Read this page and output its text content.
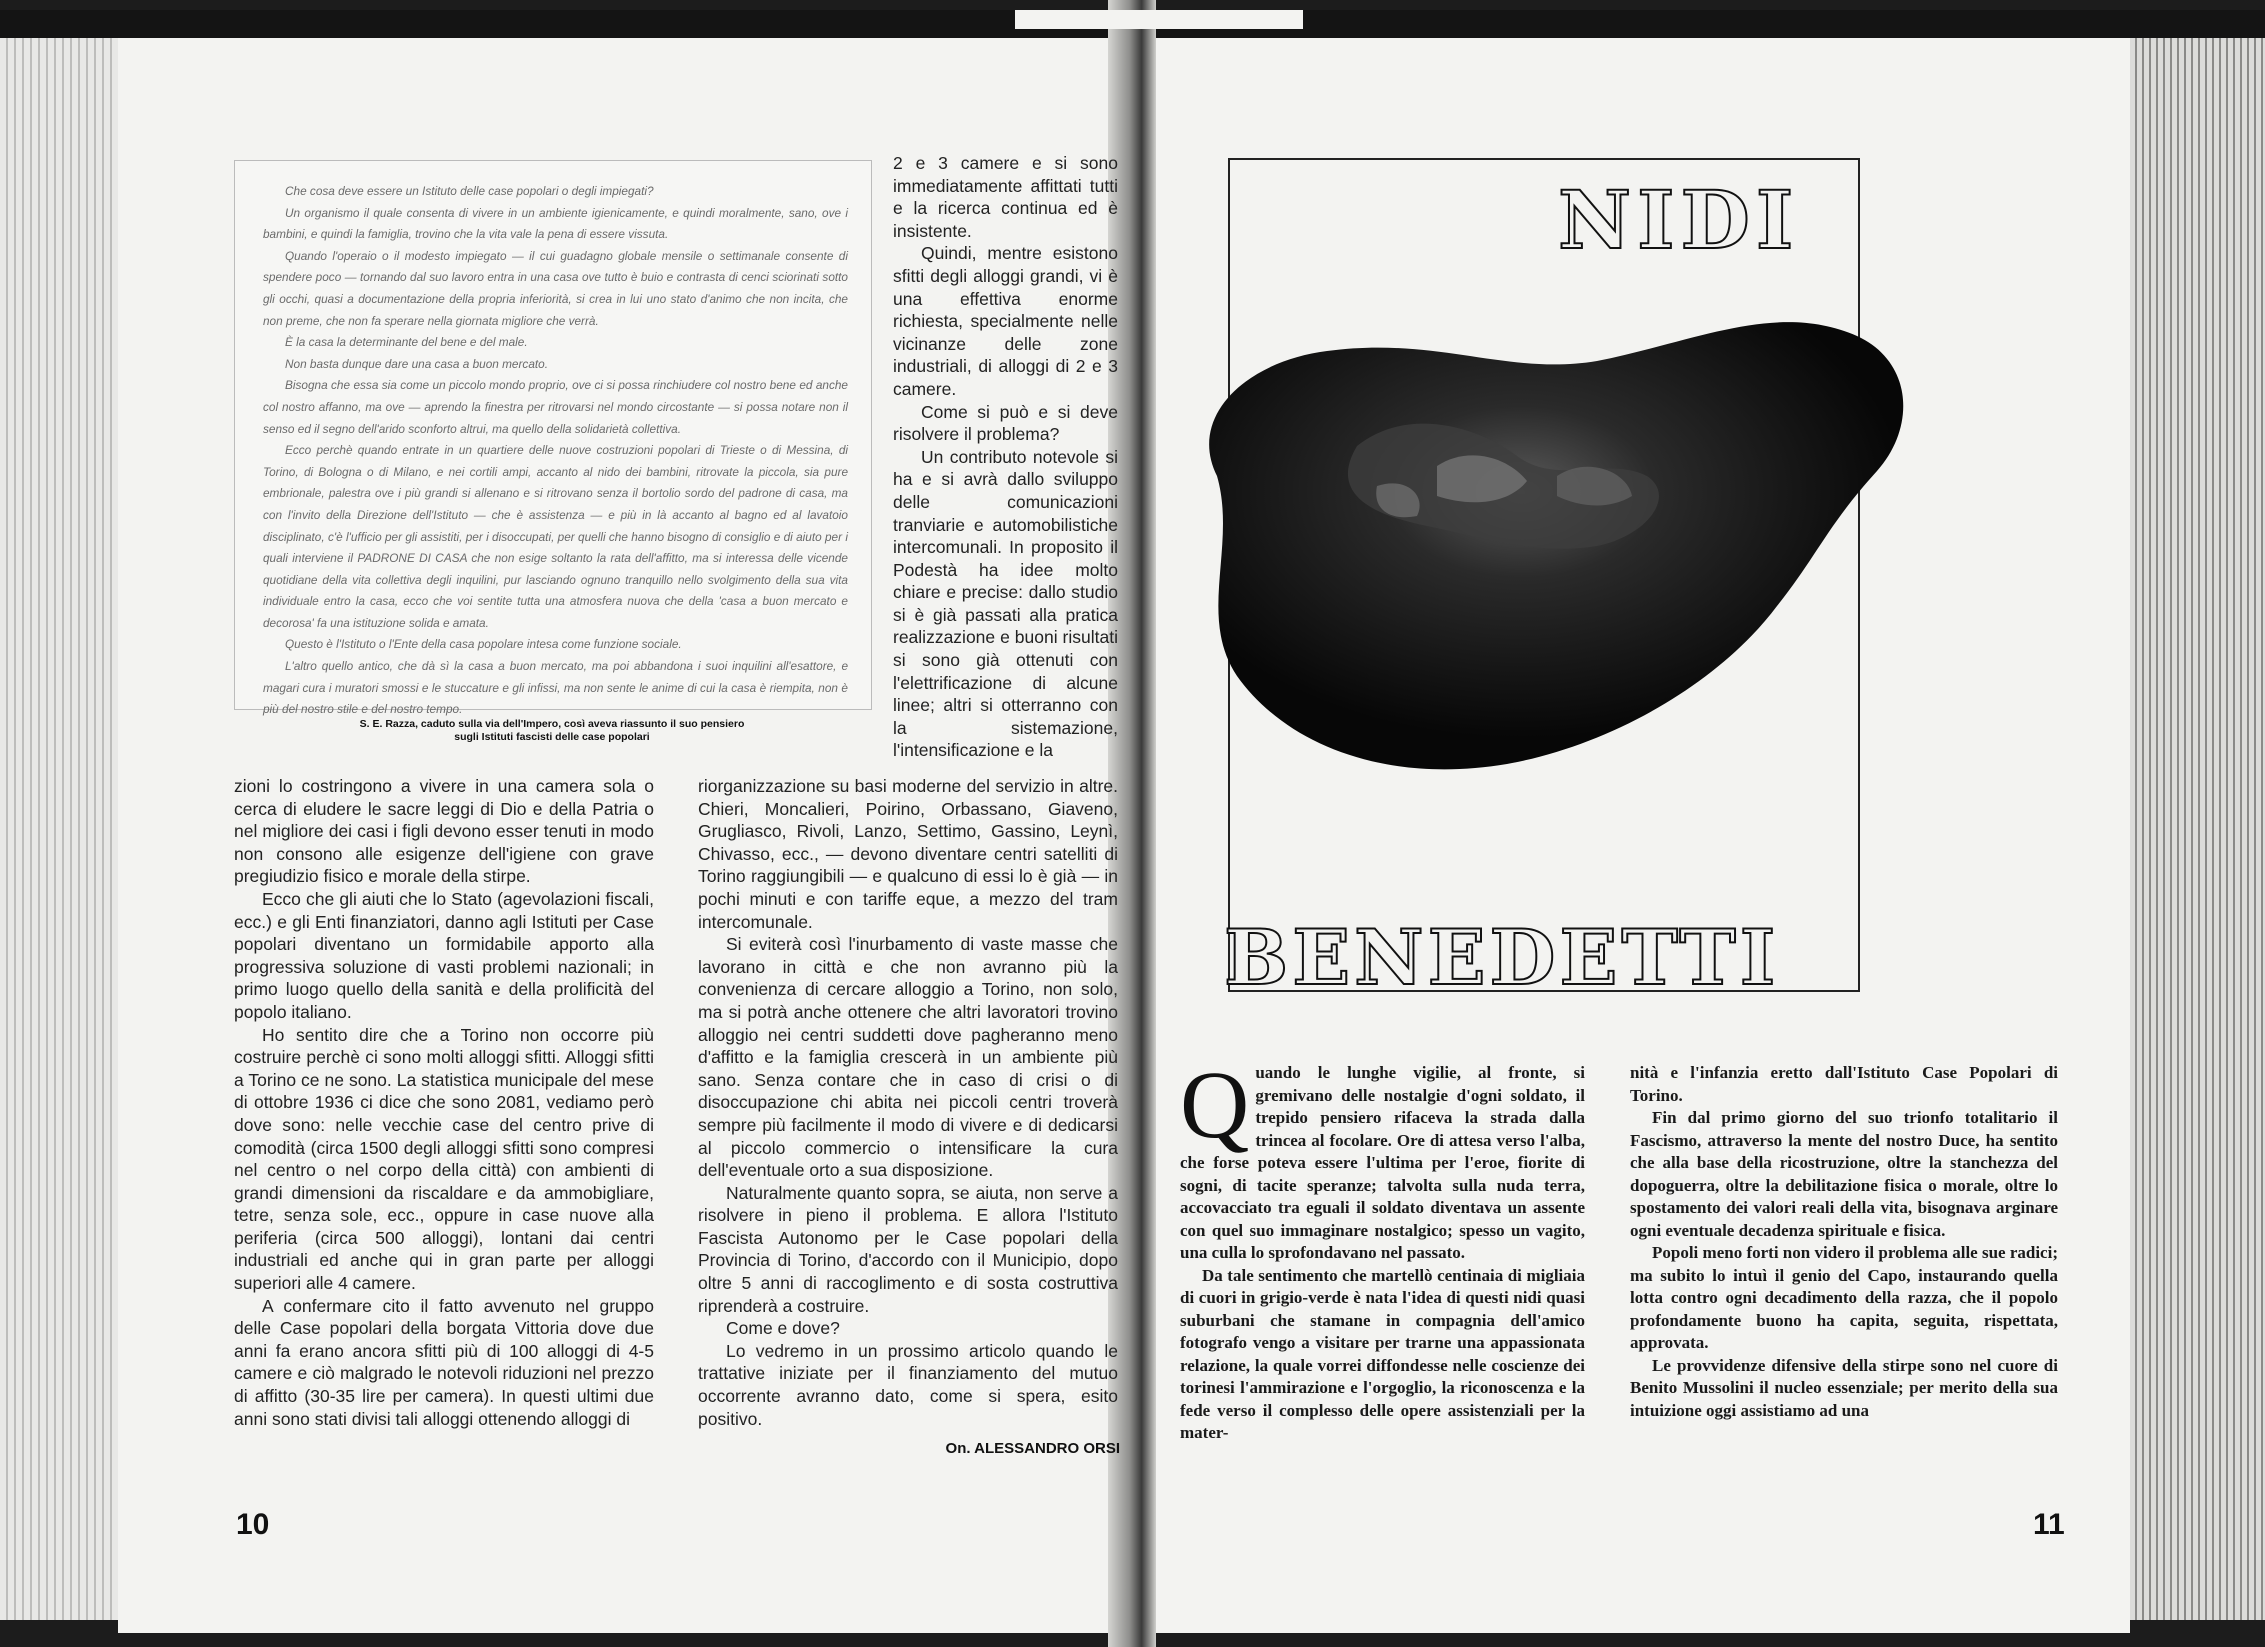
Che cosa deve essere un Istituto delle case popolari o degli impiegati?

Un organismo il quale consenta di vivere in un ambiente igienicamente, e quindi moralmente, sano, ove i bambini, e quindi la famiglia, trovino che la vita vale la pena di essere vissuta.

Quando l'operaio o il modesto impiegato — il cui guadagno globale mensile o settimanale consente di spendere poco — tornando dal suo lavoro entra in una casa ove tutto è buio e contrasta di cenci sciorinati sotto gli occhi, quasi a documentazione della propria inferiorità, si crea in lui uno stato d'animo che non incita, che non preme, che non fa sperare nella giornata migliore che verrà.

È la casa la determinante del bene e del male.

Non basta dunque dare una casa a buon mercato.

Bisogna che essa sia come un piccolo mondo proprio, ove ci si possa rinchiudere col nostro bene ed anche col nostro affanno, ma ove — aprendo la finestra per ritrovarsi nel mondo circostante — si possa notare non il senso ed il segno dell'arido sconforto altrui, ma quello della solidarietà collettiva.

Ecco perchè quando entrate in un quartiere delle nuove costruzioni popolari di Trieste o di Messina, di Torino, di Bologna o di Milano, e nei cortili ampi, accanto al nido dei bambini, ritrovate la piccola, sia pure embrionale, palestra ove i più grandi si allenano e si ritrovano senza il bortolio sordo del padrone di casa, ma con l'invito della Direzione dell'Istituto — che è assistenza — e più in là accanto al bagno ed al lavatoio disciplinato, c'è l'ufficio per gli assistiti, per i disoccupati, per quelli che hanno bisogno di consiglio e di aiuto per i quali interviene il PADRONE DI CASA che non esige soltanto la rata dell'affitto, ma si interessa delle vicende quotidiane della vita collettiva degli inquilini, pur lasciando ognuno tranquillo nello svolgimento della sua vita individuale entro la casa, ecco che voi sentite tutta una atmosfera nuova che della 'casa a buon mercato e decorosa' fa una istituzione solida e amata.

Questo è l'Istituto o l'Ente della casa popolare intesa come funzione sociale.

L'altro quello antico, che dà sì la casa a buon mercato, ma poi abbandona i suoi inquilini all'esattore, e magari cura i muratori smossi e le stuccature e gli infissi, ma non sente le anime di cui la casa è riempita, non è più del nostro stile e del nostro tempo.

S. E. Razza, caduto sulla via dell'Impero, così aveva riassunto il suo pensiero
sugli Istituti fascisti delle case popolari

zioni lo costringono a vivere in una camera sola o cerca di eludere le sacre leggi di Dio e della Patria o nel migliore dei casi i figli devono esser tenuti in modo non consono alle esigenze dell'igiene con grave pregiudizio fisico e morale della stirpe.

Ecco che gli aiuti che lo Stato (agevolazioni fiscali, ecc.) e gli Enti finanziatori, danno agli Istituti per Case popolari diventano un formidabile apporto alla progressiva soluzione di vasti problemi nazionali; in primo luogo quello della sanità e della prolificità del popolo italiano.

Ho sentito dire che a Torino non occorre più costruire perchè ci sono molti alloggi sfitti. Alloggi sfitti a Torino ce ne sono. La statistica municipale del mese di ottobre 1936 ci dice che sono 2081, vediamo però dove sono: nelle vecchie case del centro prive di comodità (circa 1500 degli alloggi sfitti sono compresi nel centro o nel corpo della città) con ambienti di grandi dimensioni da riscaldare e da ammobigliare, tetre, senza sole, ecc., oppure in case nuove alla periferia (circa 500 alloggi), lontani dai centri industriali ed anche qui in gran parte per alloggi superiori alle 4 camere.

A confermare cito il fatto avvenuto nel gruppo delle Case popolari della borgata Vittoria dove due anni fa erano ancora sfitti più di 100 alloggi di 4-5 camere e ciò malgrado le notevoli riduzioni nel prezzo di affitto (30-35 lire per camera). In questi ultimi due anni sono stati divisi tali alloggi ottenendo alloggi di

2 e 3 camere e si sono immediatamente affittati tutti e la ricerca continua ed è insistente.

Quindi, mentre esistono sfitti degli alloggi grandi, vi è una effettiva enorme richiesta, specialmente nelle vicinanze delle zone industriali, di alloggi di 2 e 3 camere.

Come si può e si deve risolvere il problema?

Un contributo notevole si ha e si avrà dallo sviluppo delle comunicazioni tranviarie e automobilistiche intercomunali. In proposito il Podestà ha idee molto chiare e precise: dallo studio si è già passati alla pratica realizzazione e buoni risultati si sono già ottenuti con l'elettrificazione di alcune linee; altri si otterranno con la sistemazione, l'intensificazione e la

riorganizzazione su basi moderne del servizio in altre. Chieri, Moncalieri, Poirino, Orbassano, Giaveno, Grugliasco, Rivoli, Lanzo, Settimo, Gassino, Leynì, Chivasso, ecc., — devono diventare centri satelliti di Torino raggiungibili — e qualcuno di essi lo è già — in pochi minuti e con tariffe eque, a mezzo del tram intercomunale.

Si eviterà così l'inurbamento di vaste masse che lavorano in città e che non avranno più la convenienza di cercare alloggio a Torino, non solo, ma si potrà anche ottenere che altri lavoratori trovino alloggio nei centri suddetti dove pagheranno meno d'affitto e la famiglia crescerà in un ambiente più sano. Senza contare che in caso di crisi o di disoccupazione chi abita nei piccoli centri troverà sempre più facilmente il modo di vivere e di dedicarsi al piccolo commercio o intensificare la cura dell'eventuale orto a sua disposizione.

Naturalmente quanto sopra, se aiuta, non serve a risolvere in pieno il problema. E allora l'Istituto Fascista Autonomo per le Case popolari della Provincia di Torino, d'accordo con il Municipio, dopo oltre 5 anni di raccoglimento e di sosta costruttiva riprenderà a costruire.

Come e dove?

Lo vedremo in un prossimo articolo quando le trattative iniziate per il finanziamento del mutuo occorrente avranno dato, come si spera, esito positivo.

On. ALESSANDRO ORSI
10
NIDI
BENEDETTI

Quando le lunghe vigilie, al fronte, si gremivano delle nostalgie d'ogni soldato, il trepido pensiero rifaceva la strada dalla trincea al focolare. Ore di attesa verso l'alba, che forse poteva essere l'ultima per l'eroe, fiorite di sogni, di tacite speranze; talvolta sulla nuda terra, accovacciato tra eguali il soldato diventava un assente con quel suo immaginare nostalgico; spesso un vagito, una culla lo sprofondavano nel passato.

Da tale sentimento che martellò centinaia di migliaia di cuori in grigio-verde è nata l'idea di questi nidi quasi suburbani che stamane in compagnia dell'amico fotografo vengo a visitare per trarne una appassionata relazione, la quale vorrei diffondesse nelle coscienze dei torinesi l'ammirazione e l'orgoglio, la riconoscenza e la fede verso il complesso delle opere assistenziali per la mater-

nità e l'infanzia eretto dall'Istituto Case Popolari di Torino.

Fin dal primo giorno del suo trionfo totalitario il Fascismo, attraverso la mente del nostro Duce, ha sentito che alla base della ricostruzione, oltre la stanchezza del dopoguerra, oltre la debilitazione fisica o morale, oltre lo spostamento dei valori reali della vita, bisognava arginare ogni eventuale decadenza spirituale e fisica.

Popoli meno forti non videro il problema alle sue radici; ma subito lo intuì il genio del Capo, instaurando quella lotta contro ogni decadimento della razza, che il popolo profondamente buono ha capita, seguita, rispettata, approvata.

Le provvidenze difensive della stirpe sono nel cuore di Benito Mussolini il nucleo essenziale; per merito della sua intuizione oggi assistiamo ad una

11
